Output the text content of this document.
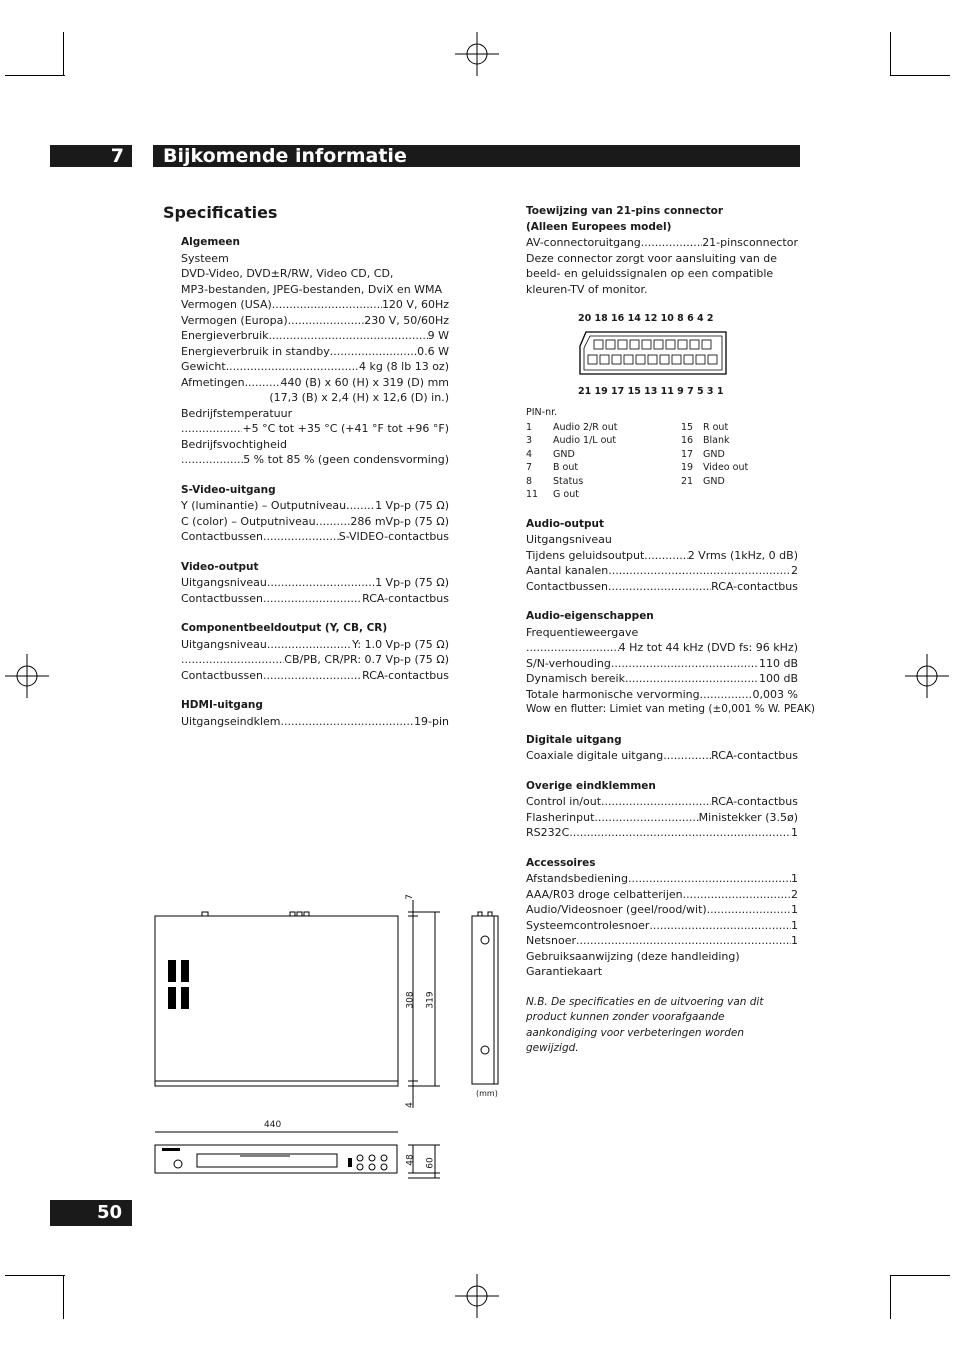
7	Bijkomende informatie
Specificaties
Algemeen
Systeem
DVD-Video, DVD±R/RW, Video CD, CD,
MP3-bestanden, JPEG-bestanden, DviX en WMA
Vermogen (USA) .....	120 V, 60Hz
Vermogen (Europa) .....	230 V, 50/60Hz
Energieverbruik .....	9 W
Energieverbruik in standby .....	0.6 W
Gewicht .....	4 kg (8 lb 13 oz)
Afmetingen .....	440 (B) x 60 (H) x 319 (D) mm
(17,3 (B) x 2,4 (H) x 12,6 (D) in.)
Bedrijfstemperatuur
.....
+5 °C tot +35 °C (+41 °F tot +96 °F)
Bedrijfsvochtigheid
.....
5 % tot 85 % (geen condensvorming)
S-Video-uitgang
Y (luminantie) – Outputniveau .....	1 Vp-p (75 Ω)
C (color) – Outputniveau .....	286 mVp-p (75 Ω)
Contactbussen .....	S-VIDEO-contactbus
Video-output
Uitgangsniveau .....	1 Vp-p (75 Ω)
Contactbussen .....	RCA-contactbus
Componentbeeldoutput (Y, CB, CR)
Uitgangsniveau .....	Y: 1.0 Vp-p (75 Ω)
.....
CB/PB, CR/PR: 0.7 Vp-p (75 Ω)
Contactbussen .....	RCA-contactbus
HDMI-uitgang
Uitgangseindklem .....	19-pin
Toewijzing van 21-pins connector
(Alleen Europees model)
AV-connectoruitgang .....	21-pinsconnector
Deze connector zorgt voor aansluiting van de beeld- en geluidssignalen op een compatible kleuren-TV of monitor.
PIN-nr.
1	Audio 2/R out	15	R out
3	Audio 1/L out	16	Blank
4	GND	17	GND
7	B out	19	Video out
8	Status	21	GND
11	G out		
Audio-output
Uitgangsniveau
Tijdens geluidsoutput .....	2 Vrms (1kHz, 0 dB)
Aantal kanalen .....	2
Contactbussen .....	RCA-contactbus
Audio-eigenschappen
Frequentieweergave
.....
4 Hz tot 44 kHz (DVD fs: 96 kHz)
S/N-verhouding .....	110 dB
Dynamisch bereik .....	100 dB
Totale harmonische vervorming .....	0,003 %
Wow en flutter: Limiet van meting (±0,001 % W. PEAK)
Digitale uitgang
Coaxiale digitale uitgang .....	RCA-contactbus
Overige eindklemmen
Control in/out .....	RCA-contactbus
Flasherinput .....	Ministekker (3.5ø)
RS232C .....	1
Accessoires
Afstandsbediening .....	1
AAA/R03 droge celbatterijen .....	2
Audio/Videosnoer (geel/rood/wit) .....	1
Systeemcontrolesnoer .....	1
Netsnoer .....	1
Gebruiksaanwijzing (deze handleiding)
Garantiekaart
N.B. De specificaties en de uitvoering van dit product kunnen zonder voorafgaande aankondiging voor verbeteringen worden gewijzigd.
20 18 16 14 12 10 8 6 4 2
21 19 17 15 13 11 9 7 5 3 1
7
308 319
4
(mm)
440
48 60
50
